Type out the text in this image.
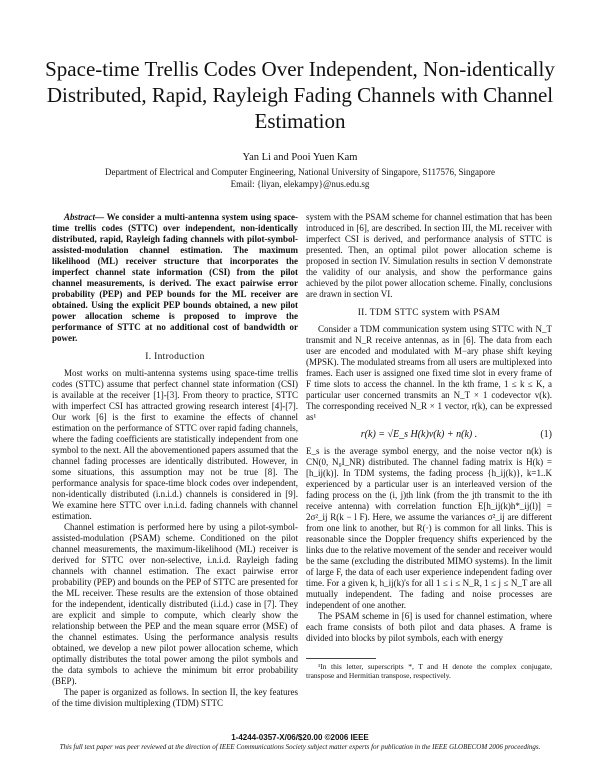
Space-time Trellis Codes Over Independent, Non-identically Distributed, Rapid, Rayleigh Fading Channels with Channel Estimation
Yan Li and Pooi Yuen Kam
Department of Electrical and Computer Engineering, National University of Singapore, S117576, Singapore
Email: {liyan, elekampy}@nus.edu.sg

Abstract— We consider a multi-antenna system using space-time trellis codes (STTC) over independent, non-identically distributed, rapid, Rayleigh fading channels with pilot-symbol-assisted-modulation channel estimation. The maximum likelihood (ML) receiver structure that incorporates the imperfect channel state information (CSI) from the pilot channel measurements, is derived. The exact pairwise error probability (PEP) and PEP bounds for the ML receiver are obtained. Using the explicit PEP bounds obtained, a new pilot power allocation scheme is proposed to improve the performance of STTC at no additional cost of bandwidth or power.

I. Introduction

Most works on multi-antenna systems using space-time trellis codes (STTC) assume that perfect channel state information (CSI) is available at the receiver [1]-[3]. From theory to practice, STTC with imperfect CSI has attracted growing research interest [4]-[7]. Our work [6] is the first to examine the effects of channel estimation on the performance of STTC over rapid fading channels, where the fading coefficients are statistically independent from one symbol to the next. All the abovementioned papers assumed that the channel fading processes are identically distributed. However, in some situations, this assumption may not be true [8]. The performance analysis for space-time block codes over independent, non-identically distributed (i.n.i.d.) channels is considered in [9]. We examine here STTC over i.n.i.d. fading channels with channel estimation.

Channel estimation is performed here by using a pilot-symbol-assisted-modulation (PSAM) scheme. Conditioned on the pilot channel measurements, the maximum-likelihood (ML) receiver is derived for STTC over non-selective, i.n.i.d. Rayleigh fading channels with channel estimation. The exact pairwise error probability (PEP) and bounds on the PEP of STTC are presented for the ML receiver. These results are the extension of those obtained for the independent, identically distributed (i.i.d.) case in [7]. They are explicit and simple to compute, which clearly show the relationship between the PEP and the mean square error (MSE) of the channel estimates. Using the performance analysis results obtained, we develop a new pilot power allocation scheme, which optimally distributes the total power among the pilot symbols and the data symbols to achieve the minimum bit error probability (BEP).

The paper is organized as follows. In section II, the key features of the time division multiplexing (TDM) STTC

system with the PSAM scheme for channel estimation that has been introduced in [6], are described. In section III, the ML receiver with imperfect CSI is derived, and performance analysis of STTC is presented. Then, an optimal pilot power allocation scheme is proposed in section IV. Simulation results in section V demonstrate the validity of our analysis, and show the performance gains achieved by the pilot power allocation scheme. Finally, conclusions are drawn in section VI.

II. TDM STTC system with PSAM

Consider a TDM communication system using STTC with N_T transmit and N_R receive antennas, as in [6]. The data from each user are encoded and modulated with M−ary phase shift keying (MPSK). The modulated streams from all users are multiplexed into frames. Each user is assigned one fixed time slot in every frame of F time slots to access the channel. In the kth frame, 1 ≤ k ≤ K, a particular user concerned transmits an N_T × 1 codevector v(k). The corresponding received N_R × 1 vector, r(k), can be expressed as¹

r(k) = √E_s H(k)v(k) + n(k) .	(1)

E_s is the average symbol energy, and the noise vector n(k) is CN(0, N₀I_NR) distributed. The channel fading matrix is H(k) = [h_ij(k)]. In TDM systems, the fading process {h_ij(k)}, k=1..K experienced by a particular user is an interleaved version of the fading process on the (i, j)th link (from the jth transmit to the ith receive antenna) with correlation function E[h_ij(k)h*_ij(l)] = 2σ²_ij R(k − l F). Here, we assume the variances σ²_ij are different from one link to another, but R(·) is common for all links. This is reasonable since the Doppler frequency shifts experienced by the links due to the relative movement of the sender and receiver would be the same (excluding the distributed MIMO systems). In the limit of large F, the data of each user experience independent fading over time. For a given k, h_ij(k)'s for all 1 ≤ i ≤ N_R, 1 ≤ j ≤ N_T are all mutually independent. The fading and noise processes are independent of one another.

The PSAM scheme in [6] is used for channel estimation, where each frame consists of both pilot and data phases. A frame is divided into blocks by pilot symbols, each with energy

¹In this letter, superscripts *, T and H denote the complex conjugate, transpose and Hermitian transpose, respectively.

1-4244-0357-X/06/$20.00 ©2006 IEEE
This full text paper was peer reviewed at the direction of IEEE Communications Society subject matter experts for publication in the IEEE GLOBECOM 2006 proceedings.
